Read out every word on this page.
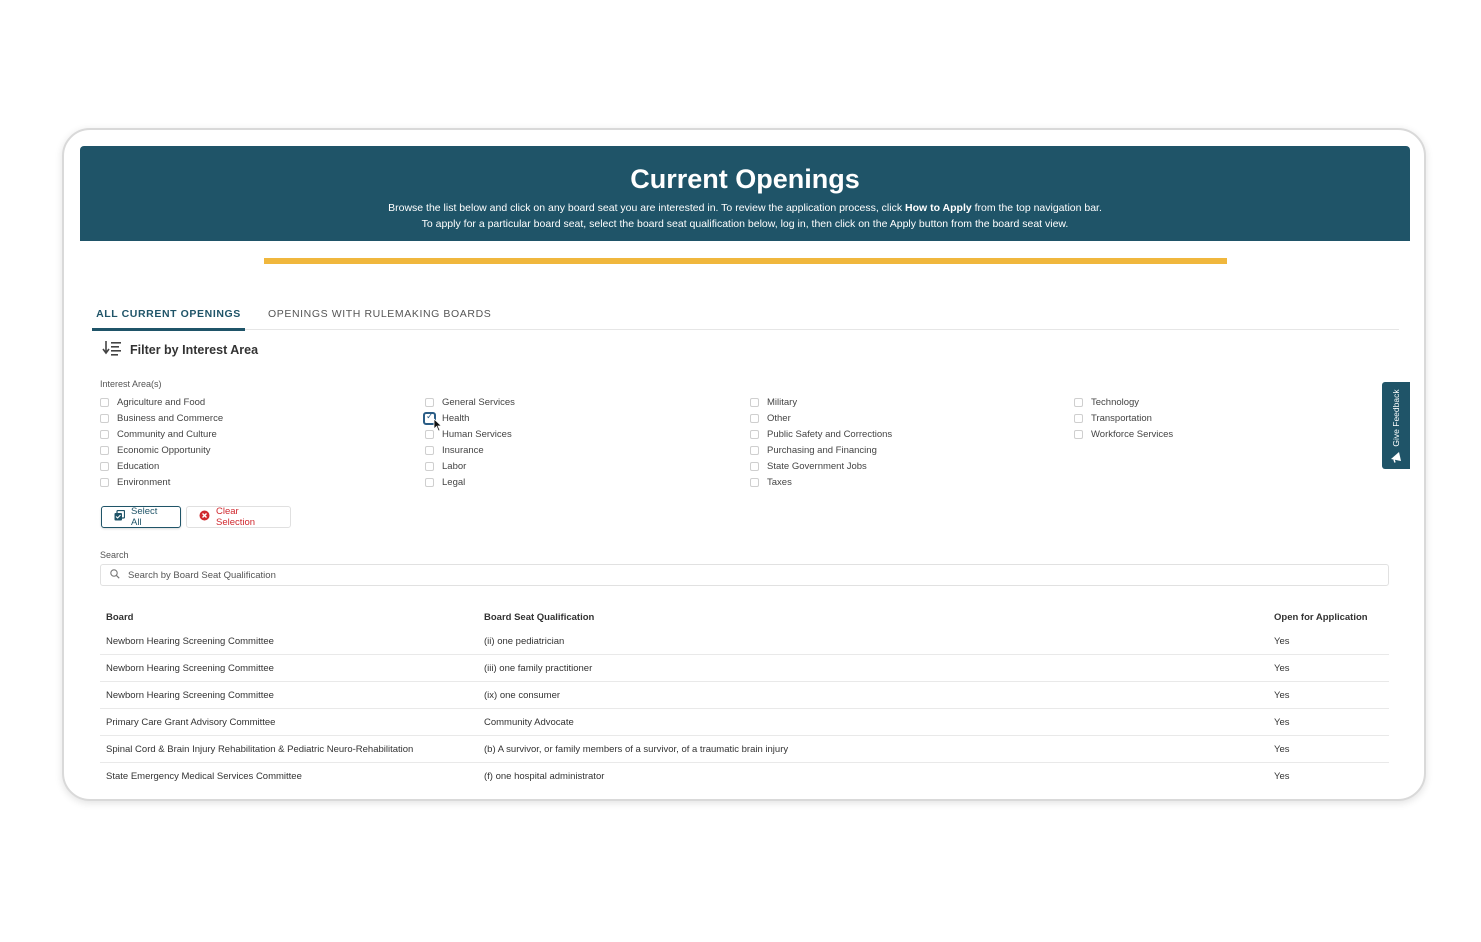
Current Openings

Browse the list below and click on any board seat you are interested in. To review the application process, click How to Apply from the top navigation bar.

To apply for a particular board seat, select the board seat qualification below, log in, then click on the Apply button from the board seat view.

ALL CURRENT OPENINGS	OPENINGS WITH RULEMAKING BOARDS
Filter by Interest Area
Interest Area(s)
Agriculture and Food
Business and Commerce
Community and Culture
Economic Opportunity
Education
Environment
General Services
✓
Health
Human Services
Insurance
Labor
Legal
Military
Other
Public Safety and Corrections
Purchasing and Financing
State Government Jobs
Taxes
Technology
Transportation
Workforce Services
Select All
Clear Selection
Search
Search by Board Seat Qualification
Board	Board Seat Qualification	Open for Application
Newborn Hearing Screening Committee	(ii) one pediatrician	Yes
Newborn Hearing Screening Committee	(iii) one family practitioner	Yes
Newborn Hearing Screening Committee	(ix) one consumer	Yes
Primary Care Grant Advisory Committee	Community Advocate	Yes
Spinal Cord & Brain Injury Rehabilitation & Pediatric Neuro-Rehabilitation	(b) A survivor, or family members of a survivor, of a traumatic brain injury	Yes
State Emergency Medical Services Committee	(f) one hospital administrator	Yes
Give Feedback
